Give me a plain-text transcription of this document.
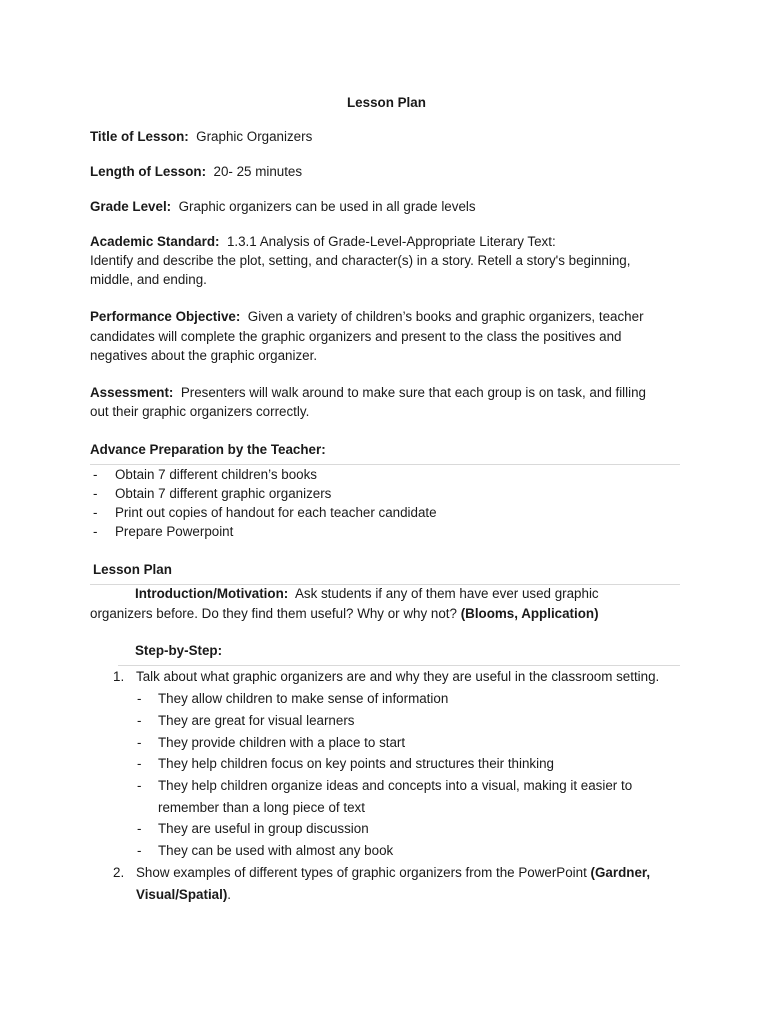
Lesson Plan
Title of Lesson: Graphic Organizers
Length of Lesson: 20- 25 minutes
Grade Level: Graphic organizers can be used in all grade levels
Academic Standard: 1.3.1 Analysis of Grade-Level-Appropriate Literary Text:
Identify and describe the plot, setting, and character(s) in a story. Retell a story's beginning,
middle, and ending.
Performance Objective: Given a variety of children’s books and graphic organizers, teacher
candidates will complete the graphic organizers and present to the class the positives and
negatives about the graphic organizer.
Assessment: Presenters will walk around to make sure that each group is on task, and filling
out their graphic organizers correctly.
Advance Preparation by the Teacher:
- Obtain 7 different children’s books
- Obtain 7 different graphic organizers
- Print out copies of handout for each teacher candidate
- Prepare Powerpoint
Lesson Plan
Introduction/Motivation: Ask students if any of them have ever used graphic
organizers before. Do they find them useful? Why or why not? (Blooms, Application)
Step-by-Step:
1. Talk about what graphic organizers are and why they are useful in the classroom setting.
- They allow children to make sense of information
- They are great for visual learners
- They provide children with a place to start
- They help children focus on key points and structures their thinking
- They help children organize ideas and concepts into a visual, making it easier to
remember than a long piece of text
- They are useful in group discussion
- They can be used with almost any book
2. Show examples of different types of graphic organizers from the PowerPoint (Gardner,
Visual/Spatial).
